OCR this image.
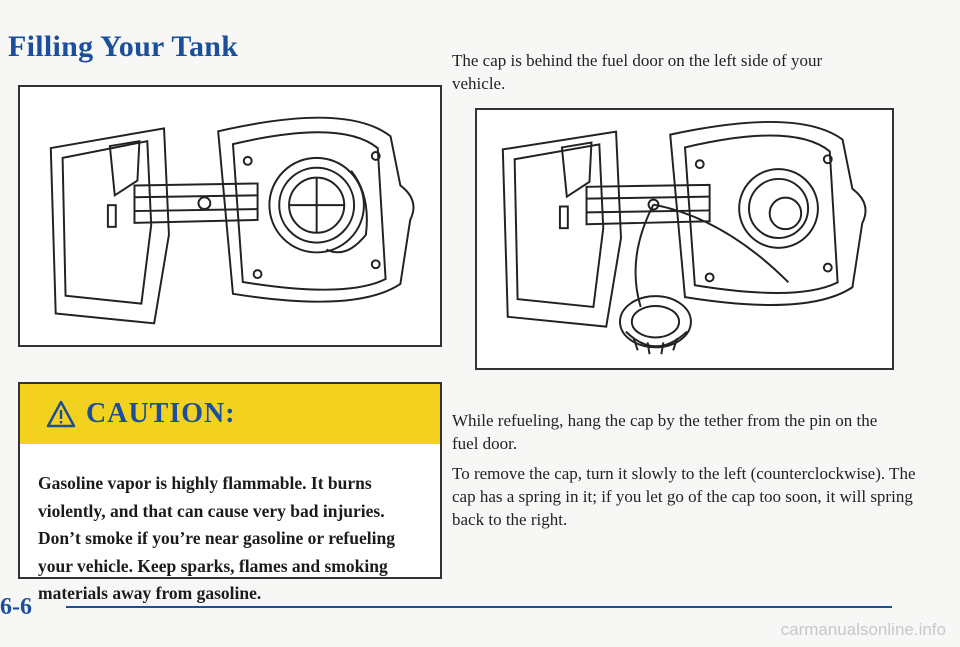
Filling Your Tank	The cap is behind the fuel door on the left side of your vehicle.

CAUTION:
Gasoline vapor is highly flammable. It burns violently, and that can cause very bad injuries. Don’t smoke if you’re near gasoline or refueling your vehicle. Keep sparks, flames and smoking materials away from gasoline.

While refueling, hang the cap by the tether from the pin on the fuel door.

To remove the cap, turn it slowly to the left (counterclockwise). The cap has a spring in it; if you let go of the cap too soon, it will spring back to the right.

6-6
carmanualsonline.info
